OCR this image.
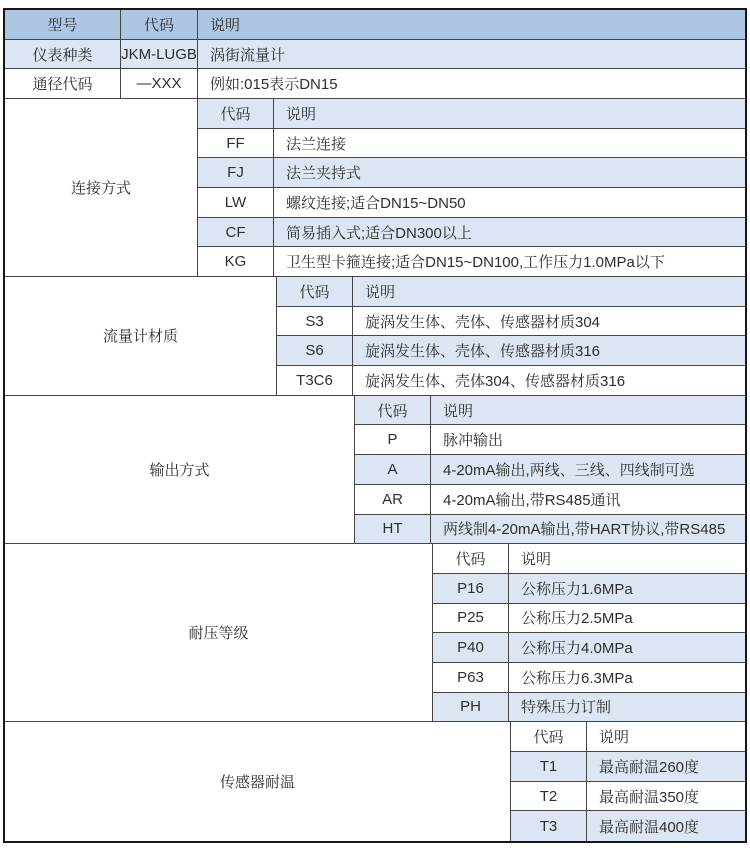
型号	代码	说明
仪表种类	JKM-LUGB 涡街流量计
通径代码	—XXX	例如:015表示DN15
连接方式
代码	说明
FF	法兰连接
FJ	法兰夹持式
LW	螺纹连接;适合DN15~DN50
CF	简易插入式;适合DN300以上
KG	卫生型卡箍连接;适合DN15~DN100,工作压力1.0MPa以下
流量计材质
代码	说明
S3	旋涡发生体、壳体、传感器材质304
S6	旋涡发生体、壳体、传感器材质316
T3C6	旋涡发生体、壳体304、传感器材质316
输出方式
代码	说明
P	脉冲输出
A	4-20mA输出,两线、三线、四线制可选
AR	4-20mA输出,带RS485通讯
HT	两线制4-20mA输出,带HART协议,带RS485
耐压等级
代码	说明
P16	公称压力1.6MPa
P25	公称压力2.5MPa
P40	公称压力4.0MPa
P63	公称压力6.3MPa
PH	特殊压力订制
传感器耐温
代码	说明
T1	最高耐温260度
T2	最高耐温350度
T3	最高耐温400度
